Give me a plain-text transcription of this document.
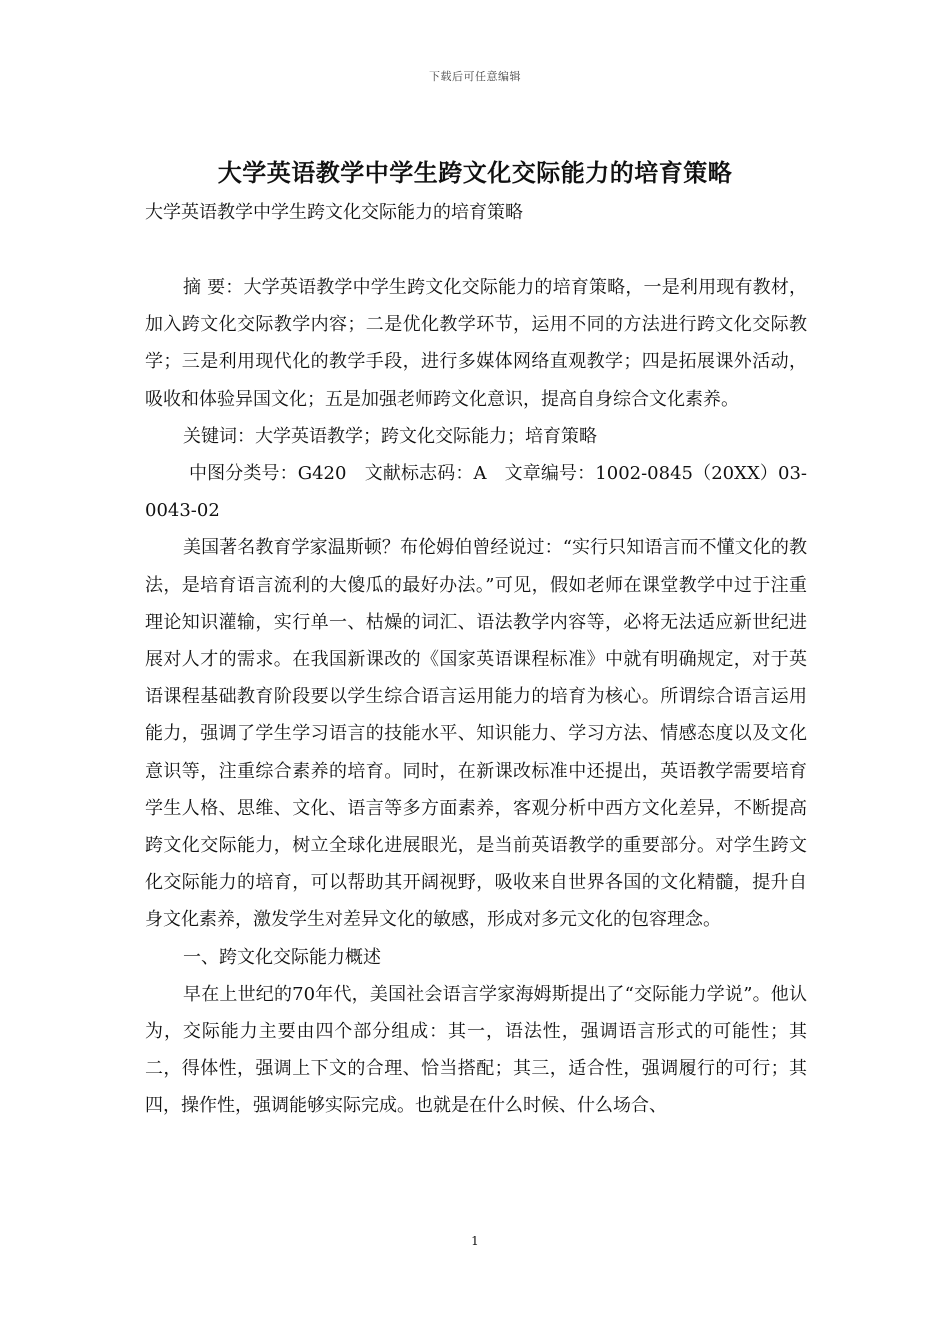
下载后可任意编辑
大学英语教学中学生跨文化交际能力的培育策略
大学英语教学中学生跨文化交际能力的培育策略

摘 要：大学英语教学中学生跨文化交际能力的培育策略，一是利用现有教材，加入跨文化交际教学内容；二是优化教学环节，运用不同的方法进行跨文化交际教学；三是利用现代化的教学手段，进行多媒体网络直观教学；四是拓展课外活动，吸收和体验异国文化；五是加强老师跨文化意识，提高自身综合文化素养。

关键词：大学英语教学；跨文化交际能力；培育策略

中图分类号：G420　文献标志码：A　文章编号：1002-0845（20XX）03-0043-02

美国著名教育学家温斯顿？布伦姆伯曾经说过：“实行只知语言而不懂文化的教法，是培育语言流利的大傻瓜的最好办法。”可见，假如老师在课堂教学中过于注重理论知识灌输，实行单一、枯燥的词汇、语法教学内容等，必将无法适应新世纪进展对人才的需求。在我国新课改的《国家英语课程标准》中就有明确规定，对于英语课程基础教育阶段要以学生综合语言运用能力的培育为核心。所谓综合语言运用能力，强调了学生学习语言的技能水平、知识能力、学习方法、情感态度以及文化意识等，注重综合素养的培育。同时，在新课改标准中还提出，英语教学需要培育学生人格、思维、文化、语言等多方面素养，客观分析中西方文化差异，不断提高跨文化交际能力，树立全球化进展眼光，是当前英语教学的重要部分。对学生跨文化交际能力的培育，可以帮助其开阔视野，吸收来自世界各国的文化精髓，提升自身文化素养，激发学生对差异文化的敏感，形成对多元文化的包容理念。

一、跨文化交际能力概述

早在上世纪的70年代，美国社会语言学家海姆斯提出了“交际能力学说”。他认为，交际能力主要由四个部分组成：其一，语法性，强调语言形式的可能性；其二，得体性，强调上下文的合理、恰当搭配；其三，适合性，强调履行的可行；其四，操作性，强调能够实际完成。也就是在什么时候、什么场合、

1
